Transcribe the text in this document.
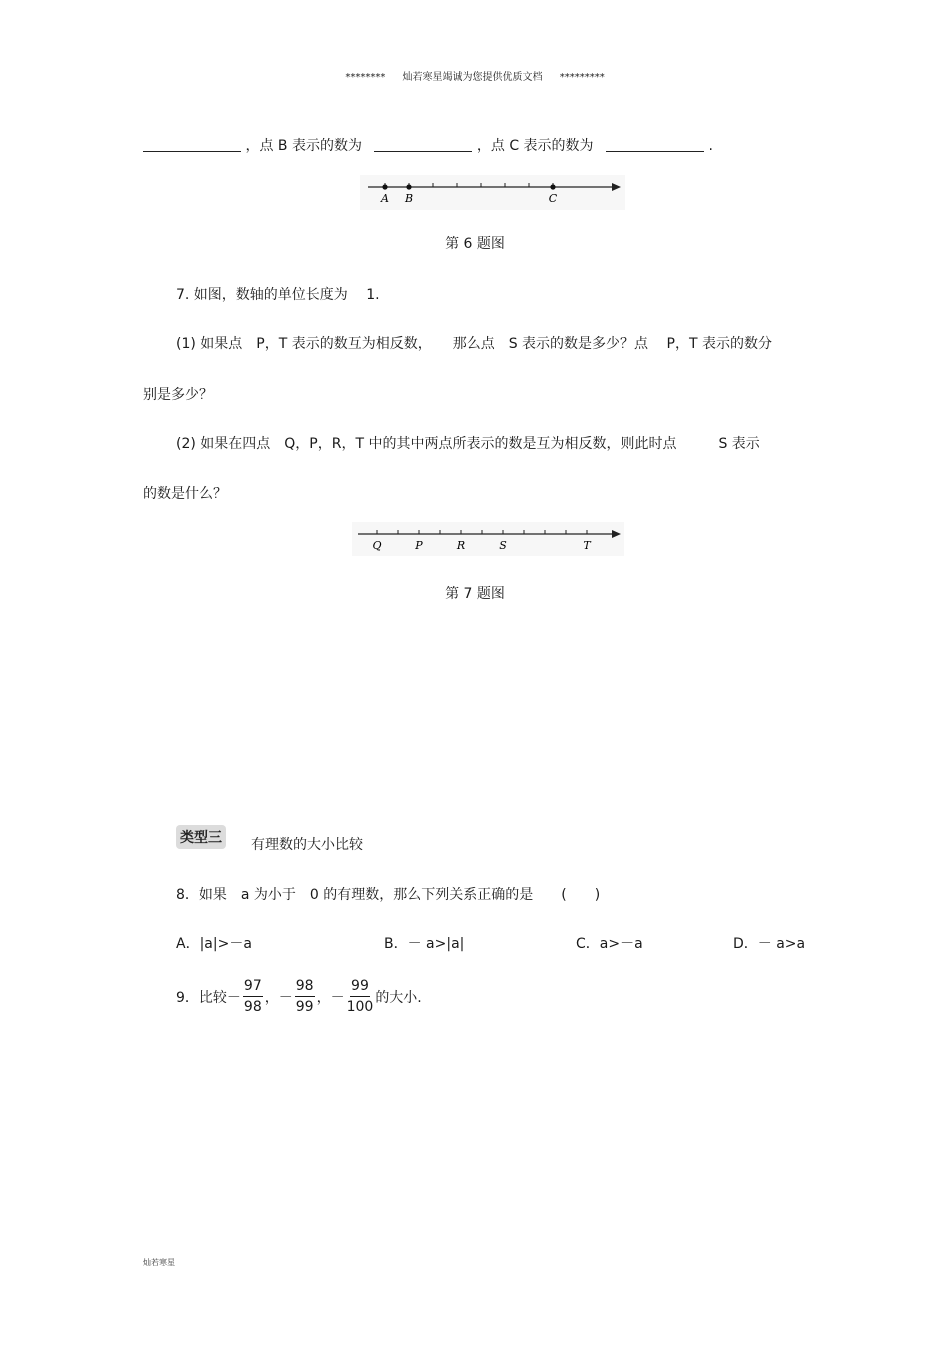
******** 灿若寒星竭诚为您提供优质文档 *********
，点 B 表示的数为	，点 C 表示的数为	.
A B	C
第 6 题图
7. 如图，数轴的单位长度为　 1.
(1) 如果点　P，T 表示的数互为相反数，　　那么点　S 表示的数是多少？点　 P，T 表示的数分
别是多少？
(2) 如果在四点　Q，P，R，T 中的其中两点所表示的数是互为相反数，则此时点　　　S 表示
的数是什么？
Q	P	R	S	T
第 7 题图
类型三 有理数的大小比较
8．如果　a 为小于　0 的有理数，那么下列关系正确的是　　(　　)
A．|a|>－a	B．－ a>|a|	C．a>－a	D．－ a>a
9．比较－ $\frac{97}{98}$ ，－ $\frac{98}{99}$ ，－ $\frac{99}{100}$ 的大小.
灿若寒星
